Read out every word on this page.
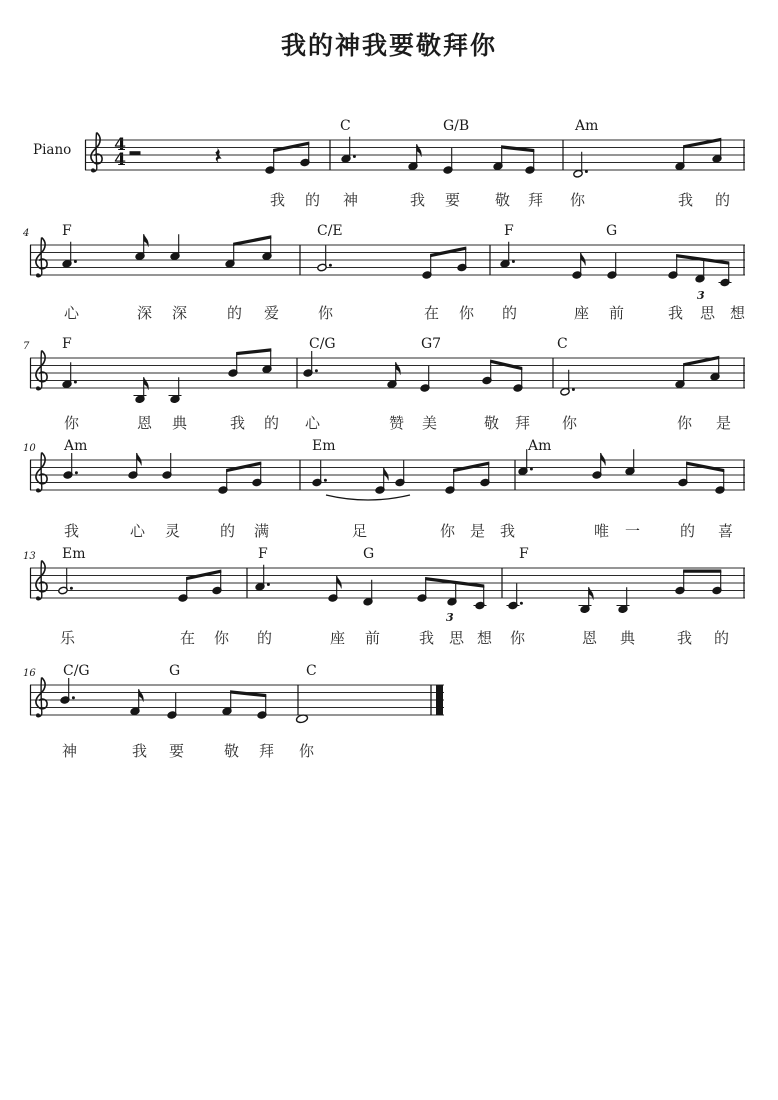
我的神我要敬拜你
Piano	4
4
C	G/B	Am
我 的 神	我 要 敬 拜 你	我 的
4 F	C/E	F	G
心	深 深	的 爱	你	在 你 的	座 前	我 思 想
3
7 F	C/G	G7	C
你	恩 典	我 的 心	赞 美	敬 拜 你	你 是
10 Am	Em	Am
我	心 灵	的 满	足	你 是 我	唯 一	的 喜
13 Em	F	G	F
乐	在 你 的	座 前	我 思 想 你	恩 典	我 的
3
16 C/G	G	C
神	我 要	敬 拜 你
